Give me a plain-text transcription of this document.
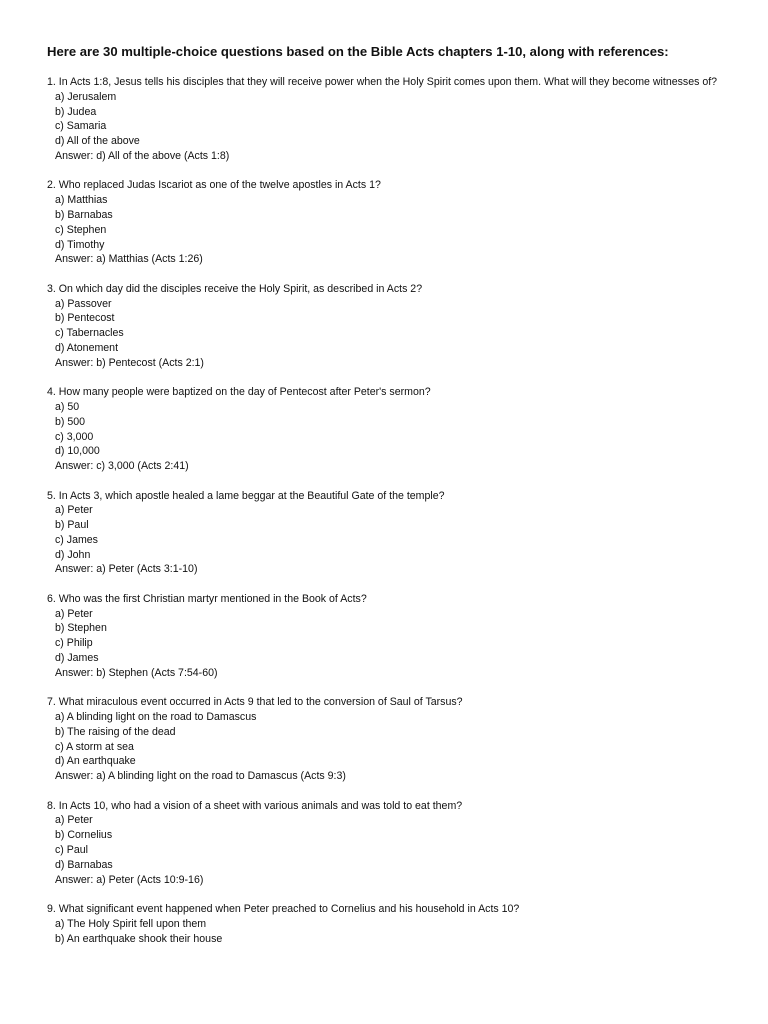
Here are 30 multiple-choice questions based on the Bible Acts chapters 1-10, along with references:
1. In Acts 1:8, Jesus tells his disciples that they will receive power when the Holy Spirit comes upon them. What will they become witnesses of?
a) Jerusalem
b) Judea
c) Samaria
d) All of the above
Answer: d) All of the above (Acts 1:8)
2. Who replaced Judas Iscariot as one of the twelve apostles in Acts 1?
a) Matthias
b) Barnabas
c) Stephen
d) Timothy
Answer: a) Matthias (Acts 1:26)
3. On which day did the disciples receive the Holy Spirit, as described in Acts 2?
a) Passover
b) Pentecost
c) Tabernacles
d) Atonement
Answer: b) Pentecost (Acts 2:1)
4. How many people were baptized on the day of Pentecost after Peter's sermon?
a) 50
b) 500
c) 3,000
d) 10,000
Answer: c) 3,000 (Acts 2:41)
5. In Acts 3, which apostle healed a lame beggar at the Beautiful Gate of the temple?
a) Peter
b) Paul
c) James
d) John
Answer: a) Peter (Acts 3:1-10)
6. Who was the first Christian martyr mentioned in the Book of Acts?
a) Peter
b) Stephen
c) Philip
d) James
Answer: b) Stephen (Acts 7:54-60)
7. What miraculous event occurred in Acts 9 that led to the conversion of Saul of Tarsus?
a) A blinding light on the road to Damascus
b) The raising of the dead
c) A storm at sea
d) An earthquake
Answer: a) A blinding light on the road to Damascus (Acts 9:3)
8. In Acts 10, who had a vision of a sheet with various animals and was told to eat them?
a) Peter
b) Cornelius
c) Paul
d) Barnabas
Answer: a) Peter (Acts 10:9-16)
9. What significant event happened when Peter preached to Cornelius and his household in Acts 10?
a) The Holy Spirit fell upon them
b) An earthquake shook their house
